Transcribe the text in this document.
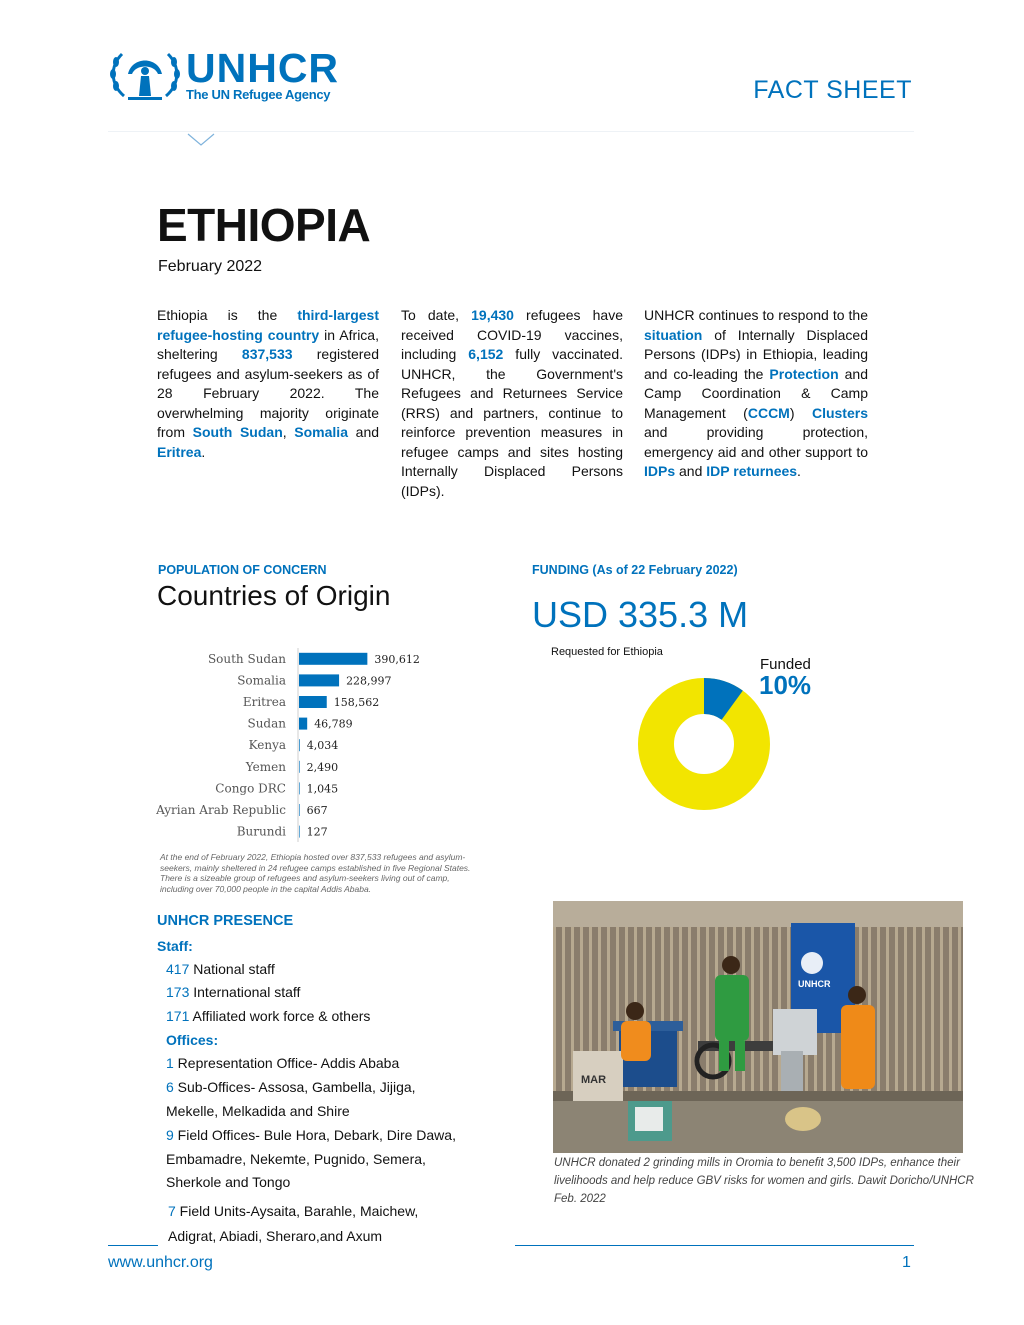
UNHCR
The UN Refugee Agency	FACT SHEET
ETHIOPIA
February 2022
Ethiopia is the third-largest refugee-hosting country in Africa, sheltering 837,533 registered refugees and asylum-seekers as of 28 February 2022. The overwhelming majority originate from South Sudan, Somalia and Eritrea.
To date, 19,430 refugees have received COVID-19 vaccines, including 6,152 fully vaccinated. UNHCR, the Government's Refugees and Returnees Service (RRS) and partners, continue to reinforce prevention measures in refugee camps and sites hosting Internally Displaced Persons (IDPs).
UNHCR continues to respond to the situation of Internally Displaced Persons (IDPs) in Ethiopia, leading and co-leading the Protection and Camp Coordination & Camp Management (CCCM) Clusters and providing protection, emergency aid and other support to IDPs and IDP returnees.
POPULATION OF CONCERN
Countries of Origin
South Sudan	390,612
Somalia	228,997
Eritrea	158,562
Sudan	46,789
Kenya 4,034
Yemen 2,490
Congo DRC 1,045
Ayrian Arab Republic 667
Burundi 127
At the end of February 2022, Ethiopia hosted over 837,533 refugees and asylum-seekers, mainly sheltered in 24 refugee camps established in five Regional States. There is a sizeable group of refugees and asylum-seekers living out of camp, including over 70,000 people in the capital Addis Ababa.
FUNDING (As of 22 February 2022)
USD 335.3 M
Requested for Ethiopia
Funded
10%
UNHCR PRESENCE
Staff:
417 National staff
173 International staff
171 Affiliated work force & others
Offices:
1 Representation Office- Addis Ababa
6 Sub-Offices- Assosa, Gambella, Jijiga, Mekelle, Melkadida and Shire
9 Field Offices- Bule Hora, Debark, Dire Dawa, Embamadre, Nekemte, Pugnido, Semera, Sherkole and Tongo
7 Field Units-Aysaita, Barahle, Maichew, Adigrat, Abiadi, Sheraro,and Axum
UNHCR
MAR
UNHCR donated 2 grinding mills in Oromia to benefit 3,500 IDPs, enhance their livelihoods and help reduce GBV risks for women and girls. Dawit Doricho/UNHCR Feb. 2022
www.unhcr.org	1
